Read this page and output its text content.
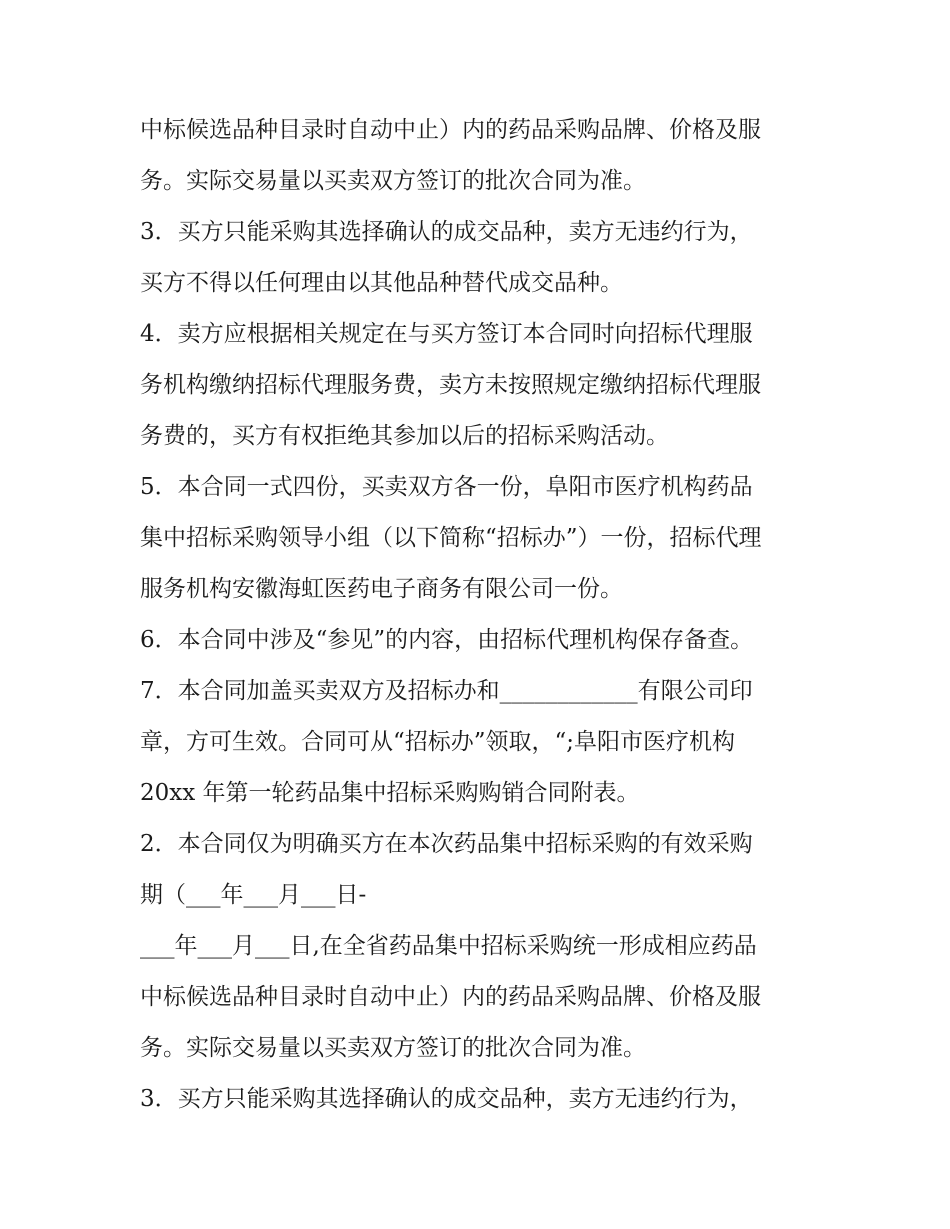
中标候选品种目录时自动中止）内的药品采购品牌、价格及服
务。实际交易量以买卖双方签订的批次合同为准。
3．买方只能采购其选择确认的成交品种，卖方无违约行为，
买方不得以任何理由以其他品种替代成交品种。
4．卖方应根据相关规定在与买方签订本合同时向招标代理服
务机构缴纳招标代理服务费，卖方未按照规定缴纳招标代理服
务费的，买方有权拒绝其参加以后的招标采购活动。
5．本合同一式四份，买卖双方各一份，阜阳市医疗机构药品
集中招标采购领导小组（以下简称“招标办”）一份，招标代理
服务机构安徽海虹医药电子商务有限公司一份。
6．本合同中涉及“参见”的内容，由招标代理机构保存备查。
7．本合同加盖买卖双方及招标办和____________有限公司印
章，方可生效。合同可从“招标办”领取，“;阜阳市医疗机构
20xx 年第一轮药品集中招标采购购销合同附表。
2．本合同仅为明确买方在本次药品集中招标采购的有效采购
期（___年___月___日-
___年___月___日,在全省药品集中招标采购统一形成相应药品
中标候选品种目录时自动中止）内的药品采购品牌、价格及服
务。实际交易量以买卖双方签订的批次合同为准。
3．买方只能采购其选择确认的成交品种，卖方无违约行为，
